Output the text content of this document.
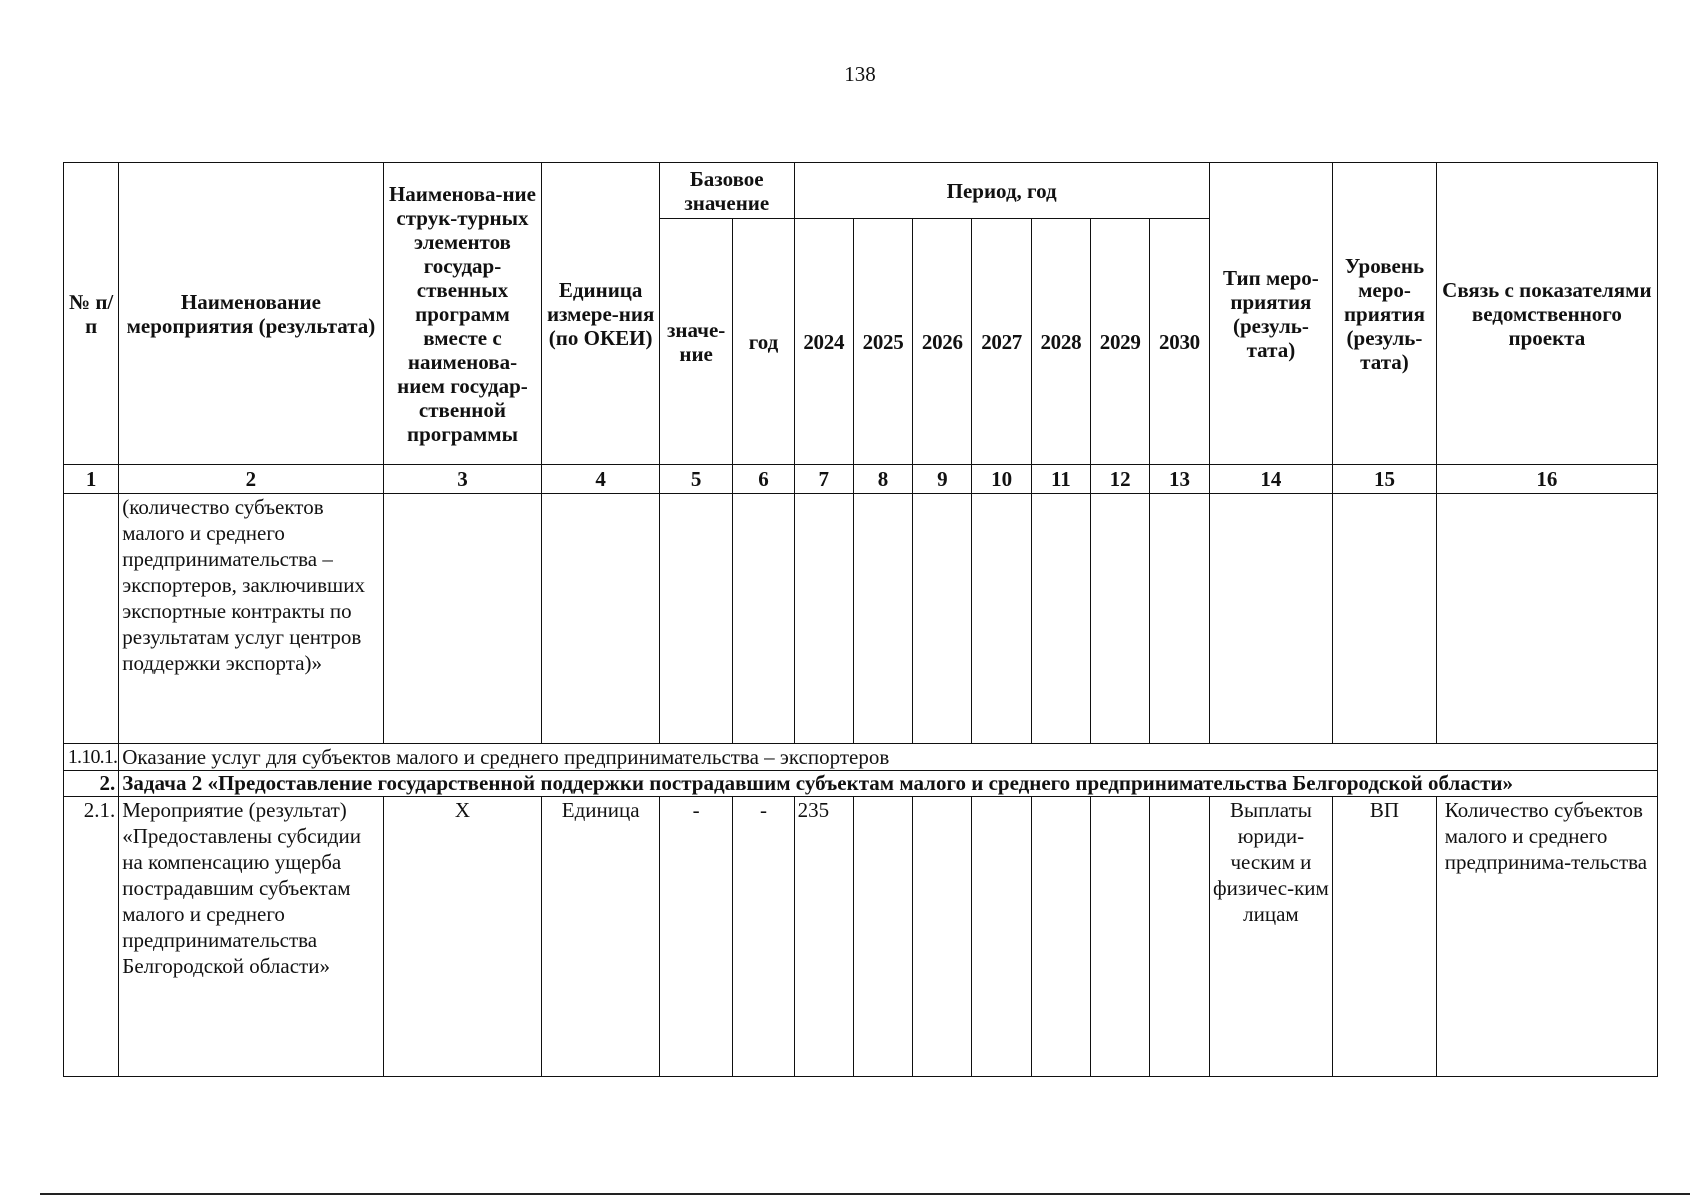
138
№ п/п	Наименование мероприятия (результата)	Наименова-ние струк-турных элементов государ-ственных программ вместе с наименова-нием государ-ственной программы	Единица измере-ния (по ОКЕИ)	Базовое значение		Период, год							Тип меро-приятия (резуль-тата)	Уровень меро-приятия (резуль-тата)	Связь с показателями ведомственного проекта
				значе-ние	год	2024	2025	2026	2027	2028	2029	2030			
1	2	3	4	5	6	7	8	9	10	11	12	13	14	15	16
	(количество субъектов малого и среднего предпринимательства – экспортеров, заключивших экспортные контракты по результатам услуг центров поддержки экспорта)»														
1.10.1.	Оказание услуг для субъектов малого и среднего предпринимательства – экспортеров														
2.	Задача 2 «Предоставление государственной поддержки пострадавшим субъектам малого и среднего предпринимательства Белгородской области»														
2.1.	Мероприятие (результат) «Предоставлены субсидии на компенсацию ущерба пострадавшим субъектам малого и среднего предпринимательства Белгородской области»	Х	Единица	-	-	235							Выплаты юриди-ческим и физичес-ким лицам	ВП	Количество субъектов малого и среднего предпринима-тельства
